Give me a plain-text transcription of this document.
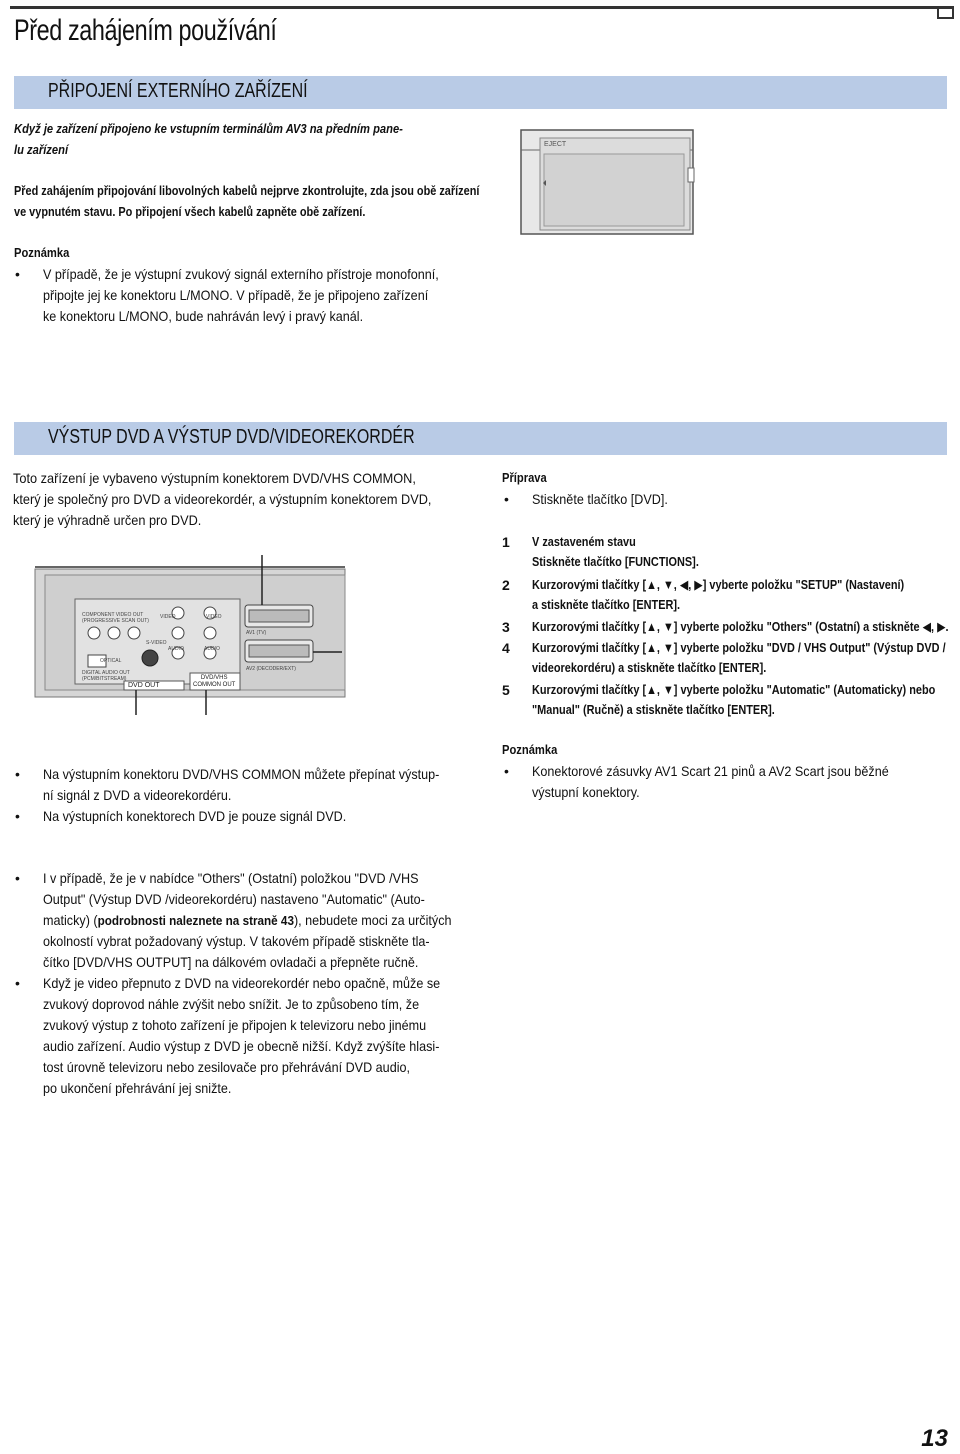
Před zahájením používání
PŘIPOJENÍ EXTERNÍHO ZAŘÍZENÍ
Když je zařízení připojeno ke vstupním terminálům AV3 na předním pane-
lu zařízení
Před zahájením připojování libovolných kabelů nejprve zkontrolujte, zda jsou obě zařízení
ve vypnutém stavu. Po připojení všech kabelů zapněte obě zařízení.
Poznámka
• V případě, že je výstupní zvukový signál externího přístroje monofonní,
připojte jej ke konektoru L/MONO. V případě, že je připojeno zařízení
ke konektoru L/MONO, bude nahráván levý i pravý kanál.
EJECT
VÝSTUP DVD A VÝSTUP DVD/VIDEOREKORDÉR
Toto zařízení je vybaveno výstupním konektorem DVD/VHS COMMON,
který je společný pro DVD a videorekordér, a výstupním konektorem DVD,
který je výhradně určen pro DVD.
COMPONENT VIDEO OUT
(PROGRESSIVE SCAN OUT)
S-VIDEO
VIDEO	VIDEO
AUDIO	AUDIO
OPTICAL
DIGITAL AUDIO OUT
(PCM/BITSTREAM)
DVD OUT
DVD/VHS
COMMON OUT
AV1 (TV)
AV2 (DECODER/EXT)
• Na výstupním konektoru DVD/VHS COMMON můžete přepínat výstup-
ní signál z DVD a videorekordéru.
• Na výstupních konektorech DVD je pouze signál DVD.
Příprava
• Stiskněte tlačítko [DVD].
1 V zastaveném stavu
Stiskněte tlačítko [FUNCTIONS].
2 Kurzorovými tlačítky [▲, ▼, ◀, ▶] vyberte položku "SETUP" (Nastavení)
a stiskněte tlačítko [ENTER].
3 Kurzorovými tlačítky [▲, ▼] vyberte položku "Others" (Ostatní) a stiskněte ◀, ▶.
4 Kurzorovými tlačítky [▲, ▼] vyberte položku "DVD / VHS Output" (Výstup DVD /
videorekordéru) a stiskněte tlačítko [ENTER].
5 Kurzorovými tlačítky [▲, ▼] vyberte položku "Automatic" (Automaticky) nebo
"Manual" (Ručně) a stiskněte tlačítko [ENTER].
Poznámka
• Konektorové zásuvky AV1 Scart 21 pinů a AV2 Scart jsou běžné
výstupní konektory.
• I v případě, že je v nabídce "Others" (Ostatní) položkou "DVD /VHS
Output" (Výstup DVD /videorekordéru) nastaveno "Automatic" (Auto-
maticky) (podrobnosti naleznete na straně 43), nebudete moci za určitých
okolností vybrat požadovaný výstup. V takovém případě stiskněte tla-
čítko [DVD/VHS OUTPUT] na dálkovém ovladači a přepněte ručně.
• Když je video přepnuto z DVD na videorekordér nebo opačně, může se
zvukový doprovod náhle zvýšit nebo snížit. Je to způsobeno tím, že
zvukový výstup z tohoto zařízení je připojen k televizoru nebo jinému
audio zařízení. Audio výstup z DVD je obecně nižší. Když zvýšíte hlasi-
tost úrovně televizoru nebo zesilovače pro přehrávání DVD audio,
po ukončení přehrávání jej snižte.
13
